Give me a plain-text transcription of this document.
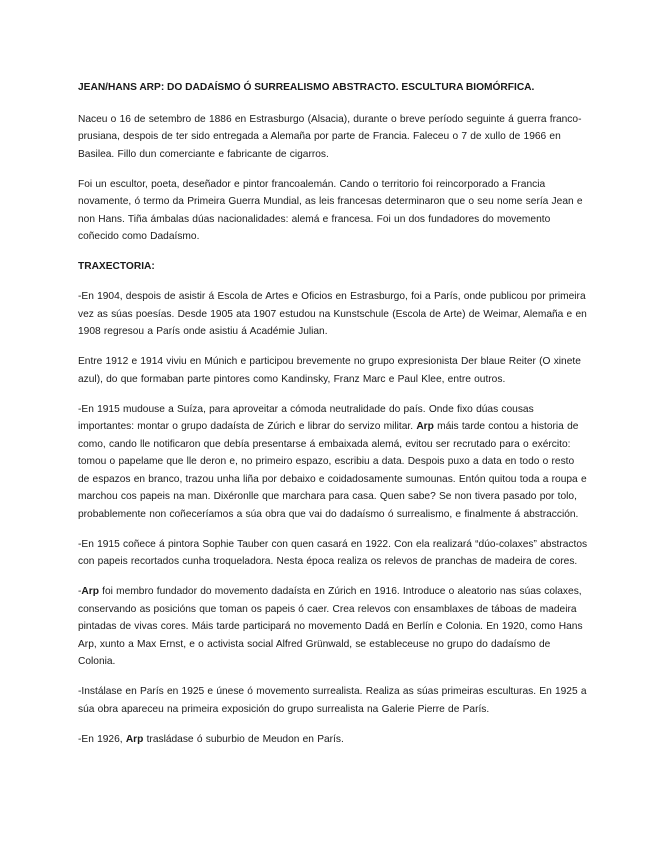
JEAN/HANS ARP: DO DADAÍSMO Ó SURREALISMO ABSTRACTO. ESCULTURA BIOMÓRFICA.

Naceu o 16 de setembro de 1886 en Estrasburgo (Alsacia), durante o breve período seguinte á guerra franco-prusiana, despois de ter sido entregada a Alemaña por parte de Francia. Faleceu o 7 de xullo de 1966 en Basilea. Fillo dun comerciante e fabricante de cigarros.

Foi un escultor, poeta, deseñador e pintor francoalemán. Cando o territorio foi reincorporado a Francia novamente, ó termo da Primeira Guerra Mundial, as leis francesas determinaron que o seu nome sería Jean e non Hans. Tiña ámbalas dúas nacionalidades: alemá e francesa. Foi un dos fundadores do movemento coñecido como Dadaísmo.

TRAXECTORIA:

-En 1904, despois de asistir á Escola de Artes e Oficios en Estrasburgo, foi a París, onde publicou por primeira vez as súas poesías. Desde 1905 ata 1907 estudou na Kunstschule (Escola de Arte) de Weimar, Alemaña e en 1908 regresou a París onde asistiu á Académie Julian.

Entre 1912 e 1914 viviu en Múnich e participou brevemente no grupo expresionista Der blaue Reiter (O xinete azul), do que formaban parte pintores como Kandinsky, Franz Marc e Paul Klee, entre outros.

-En 1915 mudouse a Suíza, para aproveitar a cómoda neutralidade do país. Onde fixo dúas cousas importantes: montar o grupo dadaísta de Zúrich e librar do servizo militar. Arp máis tarde contou a historia de como, cando lle notificaron que debía presentarse á embaixada alemá, evitou ser recrutado para o exército: tomou o papelame que lle deron e, no primeiro espazo, escribiu a data. Despois puxo a data en todo o resto de espazos en branco, trazou unha liña por debaixo e coidadosamente sumounas. Entón quitou toda a roupa e marchou cos papeis na man. Dixéronlle que marchara para casa. Quen sabe? Se non tivera pasado por tolo, probablemente non coñeceríamos a súa obra que vai do dadaísmo ó surrealismo, e finalmente á abstracción.

-En 1915 coñece á pintora Sophie Tauber con quen casará en 1922. Con ela realizará “dúo-colaxes” abstractos con papeis recortados cunha troqueladora. Nesta época realiza os relevos de pranchas de madeira de cores.

-Arp foi membro fundador do movemento dadaísta en Zúrich en 1916. Introduce o aleatorio nas súas colaxes, conservando as posicións que toman os papeis ó caer. Crea relevos con ensamblaxes de táboas de madeira pintadas de vivas cores. Máis tarde participará no movemento Dadá en Berlín e Colonia. En 1920, como Hans Arp, xunto a Max Ernst, e o activista social Alfred Grünwald, se estableceuse no grupo do dadaísmo de Colonia.

-Instálase en París en 1925 e únese ó movemento surrealista. Realiza as súas primeiras esculturas. En 1925 a súa obra apareceu na primeira exposición do grupo surrealista na Galerie Pierre de París.

-En 1926, Arp trasládase ó suburbio de Meudon en París.
